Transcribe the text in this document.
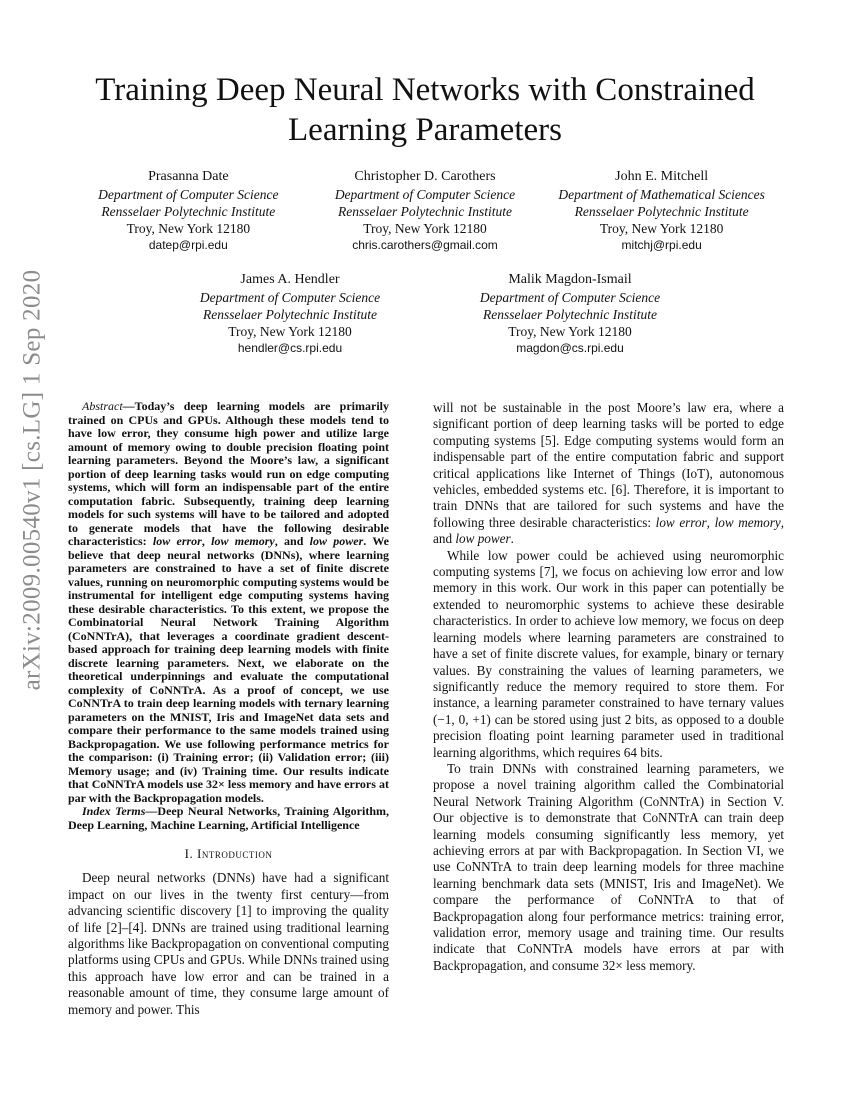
arXiv:2009.00540v1 [cs.LG] 1 Sep 2020
Training Deep Neural Networks with Constrained
Learning Parameters
Prasanna Date
Department of Computer Science
Rensselaer Polytechnic Institute
Troy, New York 12180
datep@rpi.edu
Christopher D. Carothers
Department of Computer Science
Rensselaer Polytechnic Institute
Troy, New York 12180
chris.carothers@gmail.com
John E. Mitchell
Department of Mathematical Sciences
Rensselaer Polytechnic Institute
Troy, New York 12180
mitchj@rpi.edu
James A. Hendler
Department of Computer Science
Rensselaer Polytechnic Institute
Troy, New York 12180
hendler@cs.rpi.edu
Malik Magdon-Ismail
Department of Computer Science
Rensselaer Polytechnic Institute
Troy, New York 12180
magdon@cs.rpi.edu

Abstract—Today’s deep learning models are primarily trained on CPUs and GPUs. Although these models tend to have low error, they consume high power and utilize large amount of memory owing to double precision floating point learning parameters. Beyond the Moore’s law, a significant portion of deep learning tasks would run on edge computing systems, which will form an indispensable part of the entire computation fabric. Subsequently, training deep learning models for such systems will have to be tailored and adopted to generate models that have the following desirable characteristics: low error, low memory, and low power. We believe that deep neural networks (DNNs), where learning parameters are constrained to have a set of finite discrete values, running on neuromorphic computing systems would be instrumental for intelligent edge computing systems having these desirable characteristics. To this extent, we propose the Combinatorial Neural Network Training Algorithm (CoNNTrA), that leverages a coordinate gradient descent-based approach for training deep learning models with finite discrete learning parameters. Next, we elaborate on the theoretical underpinnings and evaluate the computational complexity of CoNNTrA. As a proof of concept, we use CoNNTrA to train deep learning models with ternary learning parameters on the MNIST, Iris and ImageNet data sets and compare their performance to the same models trained using Backpropagation. We use following performance metrics for the comparison: (i) Training error; (ii) Validation error; (iii) Memory usage; and (iv) Training time. Our results indicate that CoNNTrA models use 32× less memory and have errors at par with the Backpropagation models.

Index Terms—Deep Neural Networks, Training Algorithm, Deep Learning, Machine Learning, Artificial Intelligence

I. Introduction

Deep neural networks (DNNs) have had a significant impact on our lives in the twenty first century—from advancing scientific discovery [1] to improving the quality of life [2]–[4]. DNNs are trained using traditional learning algorithms like Backpropagation on conventional computing platforms using CPUs and GPUs. While DNNs trained using this approach have low error and can be trained in a reasonable amount of time, they consume large amount of memory and power. This

will not be sustainable in the post Moore’s law era, where a significant portion of deep learning tasks will be ported to edge computing systems [5]. Edge computing systems would form an indispensable part of the entire computation fabric and support critical applications like Internet of Things (IoT), autonomous vehicles, embedded systems etc. [6]. Therefore, it is important to train DNNs that are tailored for such systems and have the following three desirable characteristics: low error, low memory, and low power.

While low power could be achieved using neuromorphic computing systems [7], we focus on achieving low error and low memory in this work. Our work in this paper can potentially be extended to neuromorphic systems to achieve these desirable characteristics. In order to achieve low memory, we focus on deep learning models where learning parameters are constrained to have a set of finite discrete values, for example, binary or ternary values. By constraining the values of learning parameters, we significantly reduce the memory required to store them. For instance, a learning parameter constrained to have ternary values (−1, 0, +1) can be stored using just 2 bits, as opposed to a double precision floating point learning parameter used in traditional learning algorithms, which requires 64 bits.

To train DNNs with constrained learning parameters, we propose a novel training algorithm called the Combinatorial Neural Network Training Algorithm (CoNNTrA) in Section V. Our objective is to demonstrate that CoNNTrA can train deep learning models consuming significantly less memory, yet achieving errors at par with Backpropagation. In Section VI, we use CoNNTrA to train deep learning models for three machine learning benchmark data sets (MNIST, Iris and ImageNet). We compare the performance of CoNNTrA to that of Backpropagation along four performance metrics: training error, validation error, memory usage and training time. Our results indicate that CoNNTrA models have errors at par with Backpropagation, and consume 32× less memory.
